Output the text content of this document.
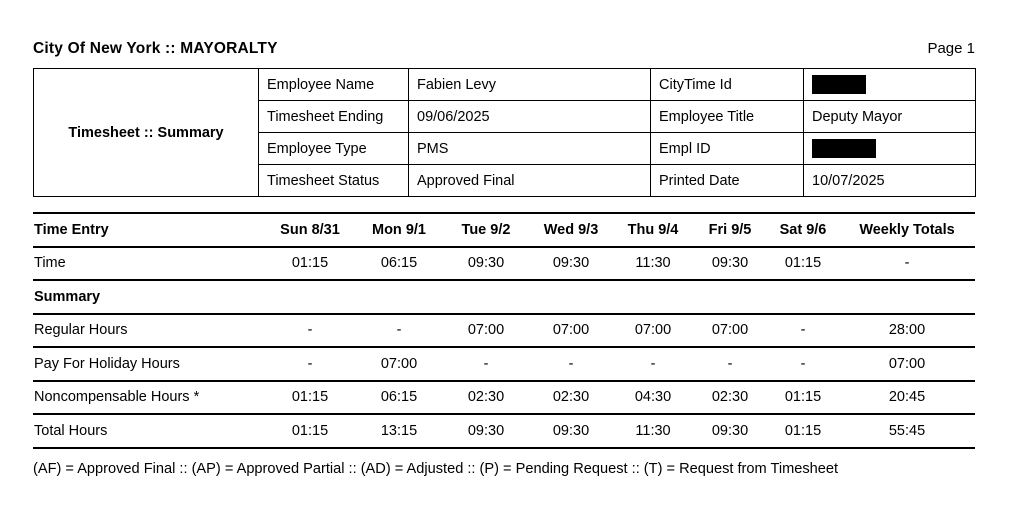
City Of New York :: MAYORALTY	Page 1
Timesheet :: Summary	Employee Name	Fabien Levy	CityTime Id	
	Timesheet Ending	09/06/2025	Employee Title	Deputy Mayor
	Employee Type	PMS	Empl ID	
	Timesheet Status	Approved Final	Printed Date	10/07/2025
Time Entry	Sun 8/31	Mon 9/1	Tue 9/2	Wed 9/3	Thu 9/4	Fri 9/5	Sat 9/6	Weekly Totals
Time	01:15	06:15	09:30	09:30	11:30	09:30	01:15	-
Summary								
Regular Hours	-	-	07:00	07:00	07:00	07:00	-	28:00
Pay For Holiday Hours	-	07:00	-	-	-	-	-	07:00
Noncompensable Hours *	01:15	06:15	02:30	02:30	04:30	02:30	01:15	20:45
Total Hours	01:15	13:15	09:30	09:30	11:30	09:30	01:15	55:45
(AF) = Approved Final :: (AP) = Approved Partial :: (AD) = Adjusted :: (P) = Pending Request :: (T) = Request from Timesheet
